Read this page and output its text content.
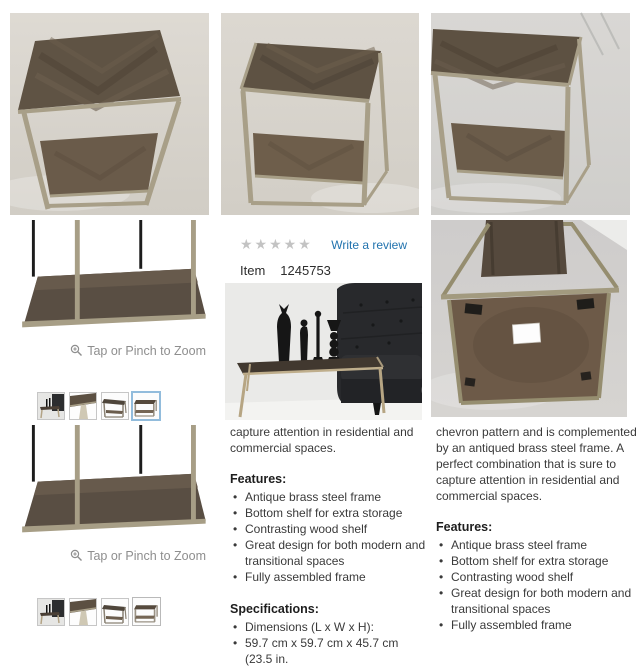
Tap or Pinch to Zoom
★★★★★ Write a review
Item 1245753
Tap or Pinch to Zoom

capture attention in residential and commercial spaces.

Features:
• Antique brass steel frame
• Bottom shelf for extra storage
• Contrasting wood shelf
• Great design for both modern and transitional spaces
• Fully assembled frame
Specifications:
• Dimensions (L x W x H):
• 59.7 cm x 59.7 cm x 45.7 cm (23.5 in.

chevron pattern and is complemented by an antiqued brass steel frame. A perfect combination that is sure to capture attention in residential and commercial spaces.

Features:
• Antique brass steel frame
• Bottom shelf for extra storage
• Contrasting wood shelf
• Great design for both modern and transitional spaces
• Fully assembled frame
